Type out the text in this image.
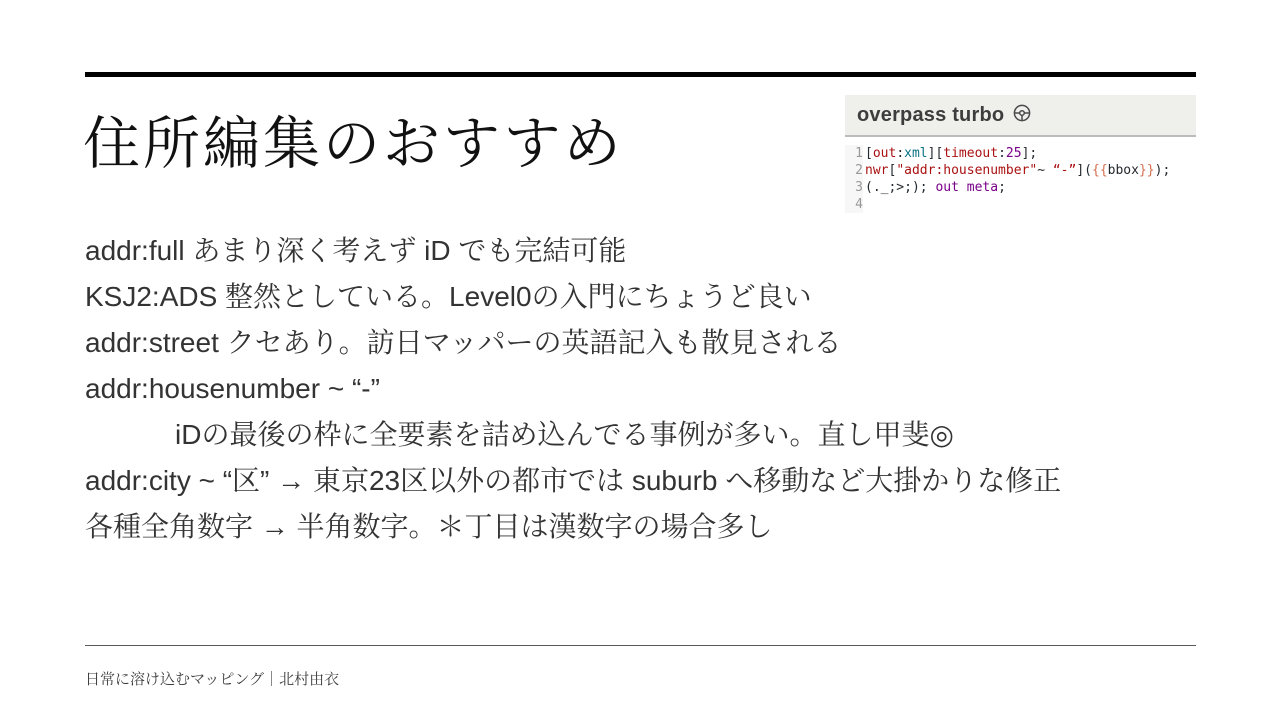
住所編集のおすすめ	overpass turbo
1 [out:xml][timeout:25];
2 nwr["addr:housenumber"~ “-”]({{bbox}});
3 (._;>;); out meta;
4
addr:full あまり深く考えず iD でも完結可能
KSJ2:ADS 整然としている。Level0の入門にちょうど良い
addr:street クセあり。訪日マッパーの英語記入も散見される
addr:housenumber ~ “-”
iDの最後の枠に全要素を詰め込んでる事例が多い。直し甲斐◎
addr:city ~ “区” → 東京23区以外の都市では suburb へ移動など大掛かりな修正
各種全角数字 → 半角数字。＊丁目は漢数字の場合多し
日常に溶け込むマッピング｜北村由衣
